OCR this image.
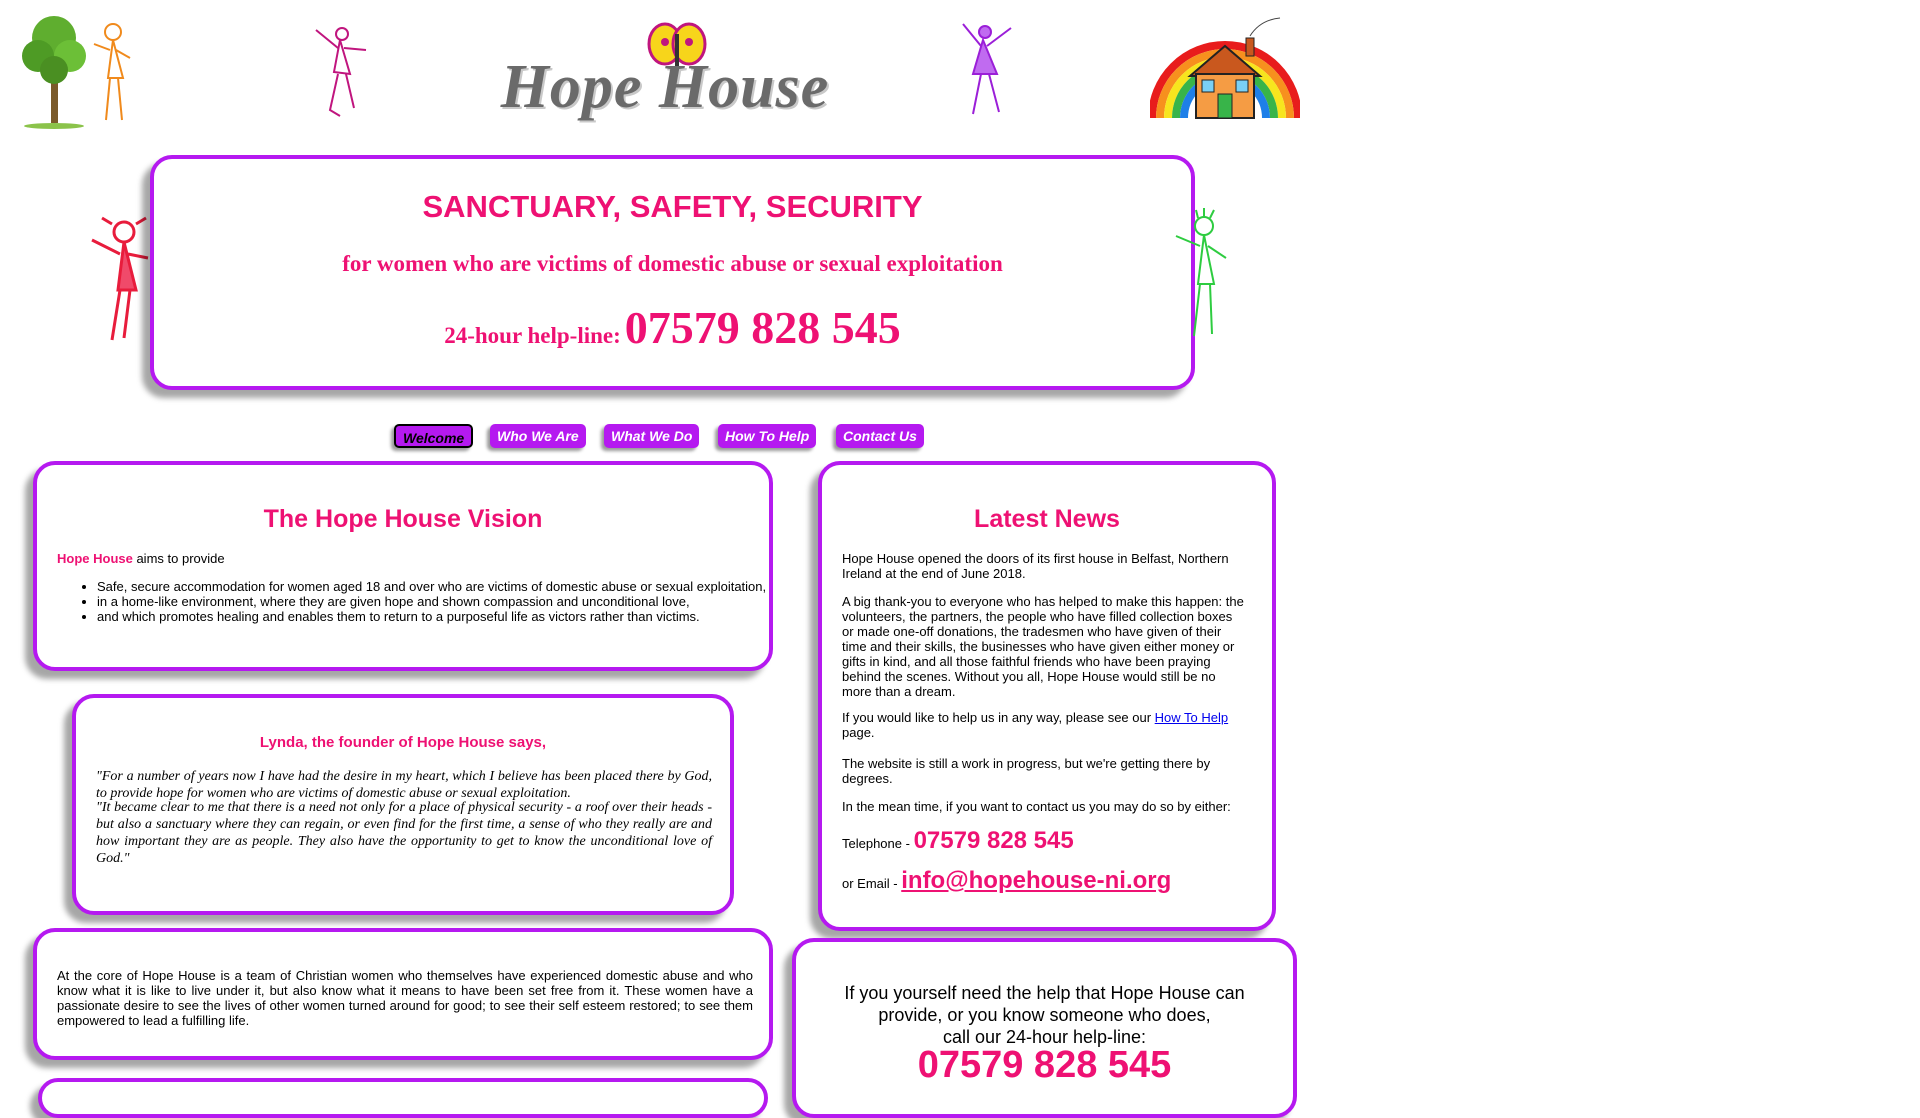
Hope House
SANCTUARY, SAFETY, SECURITY
for women who are victims of domestic abuse or sexual exploitation
24-hour help-line: 07579 828 545
Welcome	Who We Are	What We Do	How To Help	Contact Us
The Hope House Vision
Hope House aims to provide
• Safe, secure accommodation for women aged 18 and over who are victims of domestic abuse or sexual exploitation,
• in a home-like environment, where they are given hope and shown compassion and unconditional love,
• and which promotes healing and enables them to return to a purposeful life as victors rather than victims.
Lynda, the founder of Hope House says,
"For a number of years now I have had the desire in my heart, which I believe has been placed there by God, to provide hope for women who are victims of domestic abuse or sexual exploitation.
"It became clear to me that there is a need not only for a place of physical security - a roof over their heads - but also a sanctuary where they can regain, or even find for the first time, a sense of who they really are and how important they are as people. They also have the opportunity to get to know the unconditional love of God."
At the core of Hope House is a team of Christian women who themselves have experienced domestic abuse and who know what it is like to live under it, but also know what it means to have been set free from it. These women have a passionate desire to see the lives of other women turned around for good; to see their self esteem restored; to see them empowered to lead a fulfilling life.
Latest News
Hope House opened the doors of its first house in Belfast, Northern Ireland at the end of June 2018.
A big thank-you to everyone who has helped to make this happen: the volunteers, the partners, the people who have filled collection boxes or made one-off donations, the tradesmen who have given of their time and their skills, the businesses who have given either money or gifts in kind, and all those faithful friends who have been praying behind the scenes. Without you all, Hope House would still be no more than a dream.
If you would like to help us in any way, please see our How To Help
page.
The website is still a work in progress, but we're getting there by degrees.
In the mean time, if you want to contact us you may do so by either:
Telephone - 07579 828 545
or Email - info@hopehouse-ni.org
If you yourself need the help that Hope House can
provide, or you know someone who does,
call our 24-hour help-line:
07579 828 545
